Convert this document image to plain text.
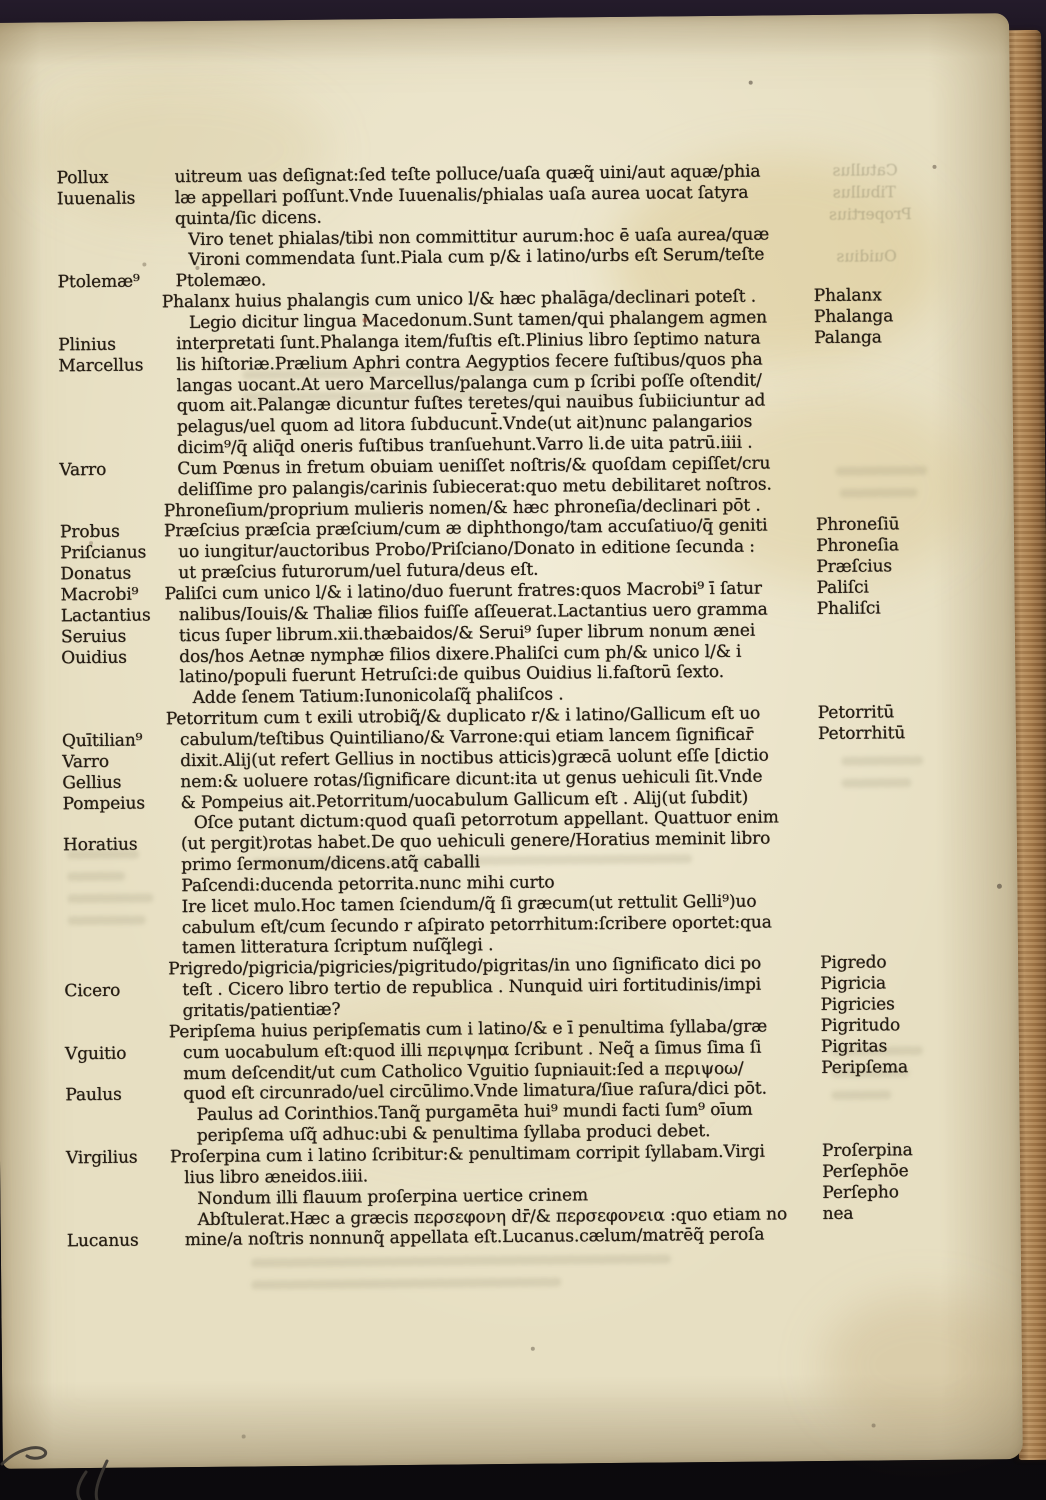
Catullus
Tibullus
Propertius
Ouidius
Pollux	uitreum uas deſignat:ſed teſte polluce/uaſa quæq̃ uini/aut aquæ/phia
Iuuenalis læ appellari poſſunt.Vnde Iuuenalis/phialas uaſa aurea uocat ſatyra
quinta/ſic dicens.
Viro tenet phialas/tibi non committitur aurum:hoc ē uaſa aurea/quæ
Vironi commendata ſunt.Piala cum p/& i latino/urbs eſt Serum/teſte
Ptolemæ⁹ Ptolemæo.
Phalanx huius phalangis cum unico l/& hæc phalāga/declinari poteſt .	Phalanx
Legio dicitur lingua Macedonum.Sunt tamen/qui phalangem agmen	Phalanga
Plinius	interpretati ſunt.Phalanga item/fuſtis eſt.Plinius libro ſeptimo natura	Palanga
Marcellus lis hiſtoriæ.Prælium Aphri contra Aegyptios fecere fuſtibus/quos pha
langas uocant.At uero Marcellus/palanga cum p ſcribi poſſe oſtendit/
quom ait.Palangæ dicuntur fuſtes teretes/qui nauibus ſubiiciuntur ad
pelagus/uel quom ad litora ſubducunt̄.Vnde(ut ait)nunc palangarios
dicim⁹/q̄ aliq̄d oneris fuſtibus tranſuehunt.Varro li.de uita patrū.iiii .
Varro	Cum Pœnus in fretum obuiam ueniſſet noſtris/& quoſdam cepiſſet/cru
deliſſime pro palangis/carinis ſubiecerat:quo metu debilitaret noſtros.
Phroneſium/proprium mulieris nomen/& hæc phroneſia/declinari pōt .
Probus	Præſcius præſcia præſcium/cum æ diphthongo/tam accuſatiuo/q̄ geniti	Phroneſiū
Priſcianus uo iungitur/auctoribus Probo/Priſciano/Donato in editione ſecunda :	Phroneſia
Donatus	ut præſcius futurorum/uel futura/deus eſt.	Præſcius
Macrobi⁹ Paliſci cum unico l/& i latino/duo fuerunt fratres:quos Macrobi⁹ ī ſatur	Paliſci
Lactantius nalibus/Iouis/& Thaliæ filios fuiſſe aſſeuerat.Lactantius uero gramma	Phaliſci
Seruius	ticus ſuper librum.xii.thæbaidos/& Serui⁹ ſuper librum nonum ænei
Ouidius	dos/hos Aetnæ nymphæ filios dixere.Phaliſci cum ph/& unico l/& i
latino/populi fuerunt Hetruſci:de quibus Ouidius li.faſtorū ſexto.
Adde ſenem Tatium:Iunonicolaſq̃ phaliſcos .
Petorritum cum t exili utrobiq̃/& duplicato r/& i latino/Gallicum eſt uo	Petorritū
Quītilian⁹ cabulum/teſtibus Quintiliano/& Varrone:qui etiam lancem ſignificar̄	Petorrhitū
Varro	dixit.Alij(ut refert Gellius in noctibus atticis)græcā uolunt eſſe [dictio
Gellius	nem:& uoluere rotas/ſignificare dicunt:ita ut genus uehiculi ſit.Vnde
Pompeius & Pompeius ait.Petorritum/uocabulum Gallicum eſt . Alij(ut ſubdit)
Oſce putant dictum:quod quaſi petorrotum appellant. Quattuor enim
Horatius	(ut pergit)rotas habet.De quo uehiculi genere/Horatius meminit libro
primo ſermonum/dicens.atq̃ caballi
Paſcendi:ducenda petorrita.nunc mihi curto
Ire licet mulo.Hoc tamen ſciendum/q̃ ſi græcum(ut rettulit Gelli⁹)uo
cabulum eſt/cum ſecundo r aſpirato petorrhitum:ſcribere oportet:qua
tamen litteratura ſcriptum nuſq̃legi .
Prigredo/pigricia/pigricies/pigritudo/pigritas/in uno ſignificato dici po	Pigredo
Cicero	teſt . Cicero libro tertio de republica . Nunquid uiri fortitudinis/impi	Pigricia
gritatis/patientiæ?	Pigricies
Peripſema huius peripſematis cum i latino/& e ī penultima ſyllaba/græ	Pigritudo
Vguitio	cum uocabulum eſt:quod illi περιψημα ſcribunt . Neq̃ a ſimus ſima ſi	Pigritas
mum deſcendit/ut cum Catholico Vguitio ſupniauit:ſed a περιψοω/	Peripſema
Paulus	quod eſt circunrado/uel circūlimo.Vnde limatura/ſiue raſura/dici pōt.
Paulus ad Corinthios.Tanq̃ purgamēta hui⁹ mundi facti ſum⁹ oīum
peripſema uſq̃ adhuc:ubi & penultima ſyllaba produci debet.
Virgilius Proſerpina cum i latino ſcribitur:& penultimam corripit ſyllabam.Virgi	Proſerpina
lius libro æneidos.iiii.	Perſephōe
Nondum illi flauum proſerpina uertice crinem	Perſepho
Abſtulerat.Hæc a græcis περσεφονη dr̄/& περσεφονεια :quo etiam no nea
Lucanus	mine/a noſtris nonnunq̃ appellata eſt.Lucanus.cælum/matrēq̃ peroſa
